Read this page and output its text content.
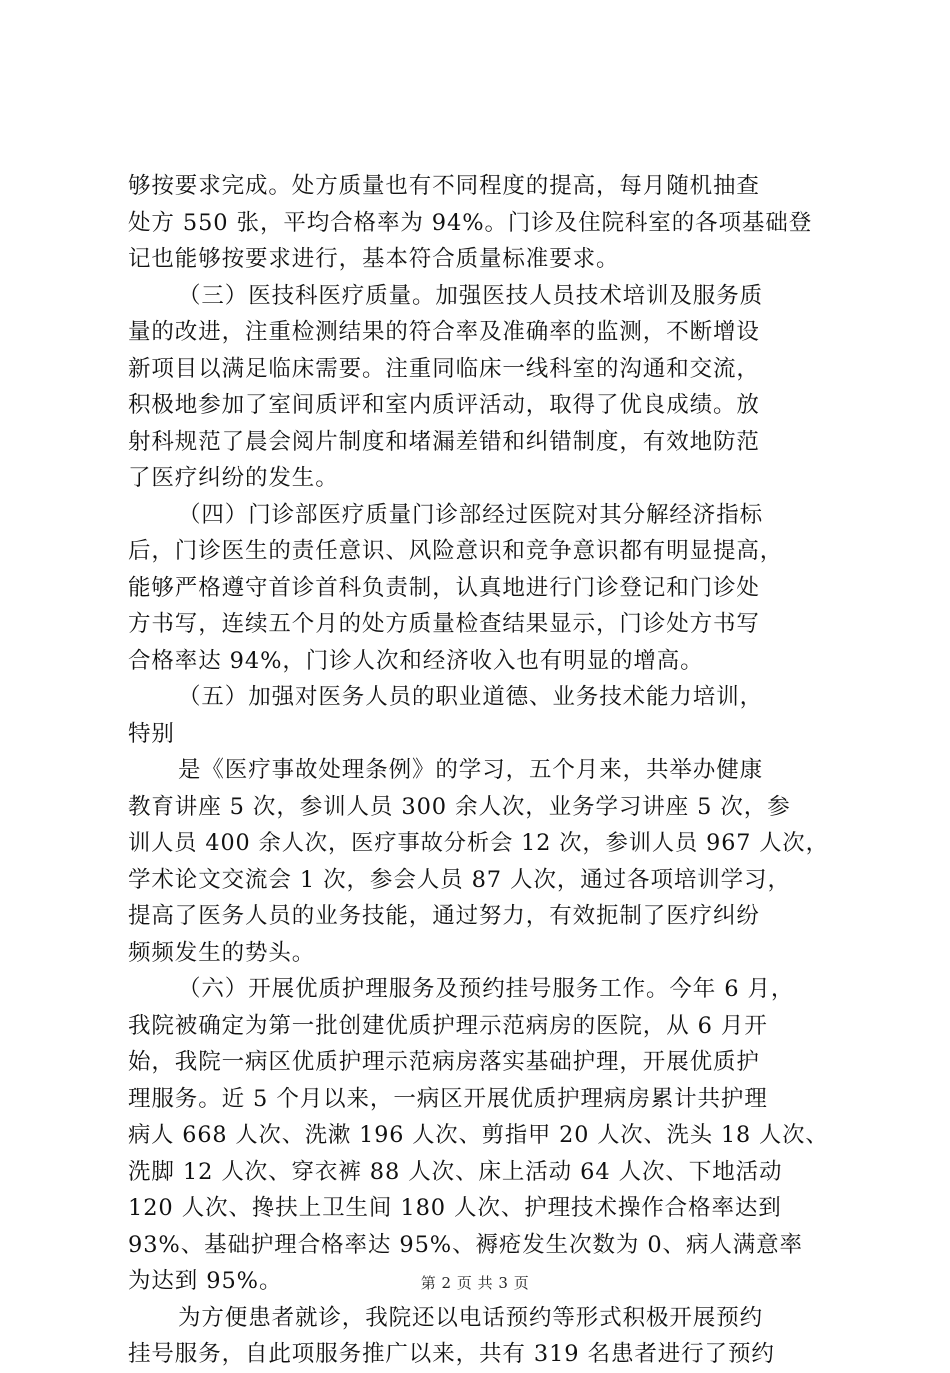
够按要求完成。处方质量也有不同程度的提高，每月随机抽查
处方 550 张，平均合格率为 94%。门诊及住院科室的各项基础登
记也能够按要求进行，基本符合质量标准要求。
（三）医技科医疗质量。加强医技人员技术培训及服务质
量的改进，注重检测结果的符合率及准确率的监测，不断增设
新项目以满足临床需要。注重同临床一线科室的沟通和交流，
积极地参加了室间质评和室内质评活动，取得了优良成绩。放
射科规范了晨会阅片制度和堵漏差错和纠错制度，有效地防范
了医疗纠纷的发生。
（四）门诊部医疗质量门诊部经过医院对其分解经济指标
后，门诊医生的责任意识、风险意识和竞争意识都有明显提高，
能够严格遵守首诊首科负责制，认真地进行门诊登记和门诊处
方书写，连续五个月的处方质量检查结果显示，门诊处方书写
合格率达 94%，门诊人次和经济收入也有明显的增高。
（五）加强对医务人员的职业道德、业务技术能力培训，
特别
是《医疗事故处理条例》的学习，五个月来，共举办健康
教育讲座 5 次，参训人员 300 余人次，业务学习讲座 5 次，参
训人员 400 余人次，医疗事故分析会 12 次，参训人员 967 人次，
学术论文交流会 1 次，参会人员 87 人次，通过各项培训学习，
提高了医务人员的业务技能，通过努力，有效扼制了医疗纠纷
频频发生的势头。
（六）开展优质护理服务及预约挂号服务工作。今年 6 月，
我院被确定为第一批创建优质护理示范病房的医院，从 6 月开
始，我院一病区优质护理示范病房落实基础护理，开展优质护
理服务。近 5 个月以来，一病区开展优质护理病房累计共护理
病人 668 人次、洗漱 196 人次、剪指甲 20 人次、洗头 18 人次、
洗脚 12 人次、穿衣裤 88 人次、床上活动 64 人次、下地活动
120 人次、搀扶上卫生间 180 人次、护理技术操作合格率达到
93%、基础护理合格率达 95%、褥疮发生次数为 0、病人满意率
为达到 95%。
为方便患者就诊，我院还以电话预约等形式积极开展预约
挂号服务，自此项服务推广以来，共有 319 名患者进行了预约
第 2 页 共 3 页
